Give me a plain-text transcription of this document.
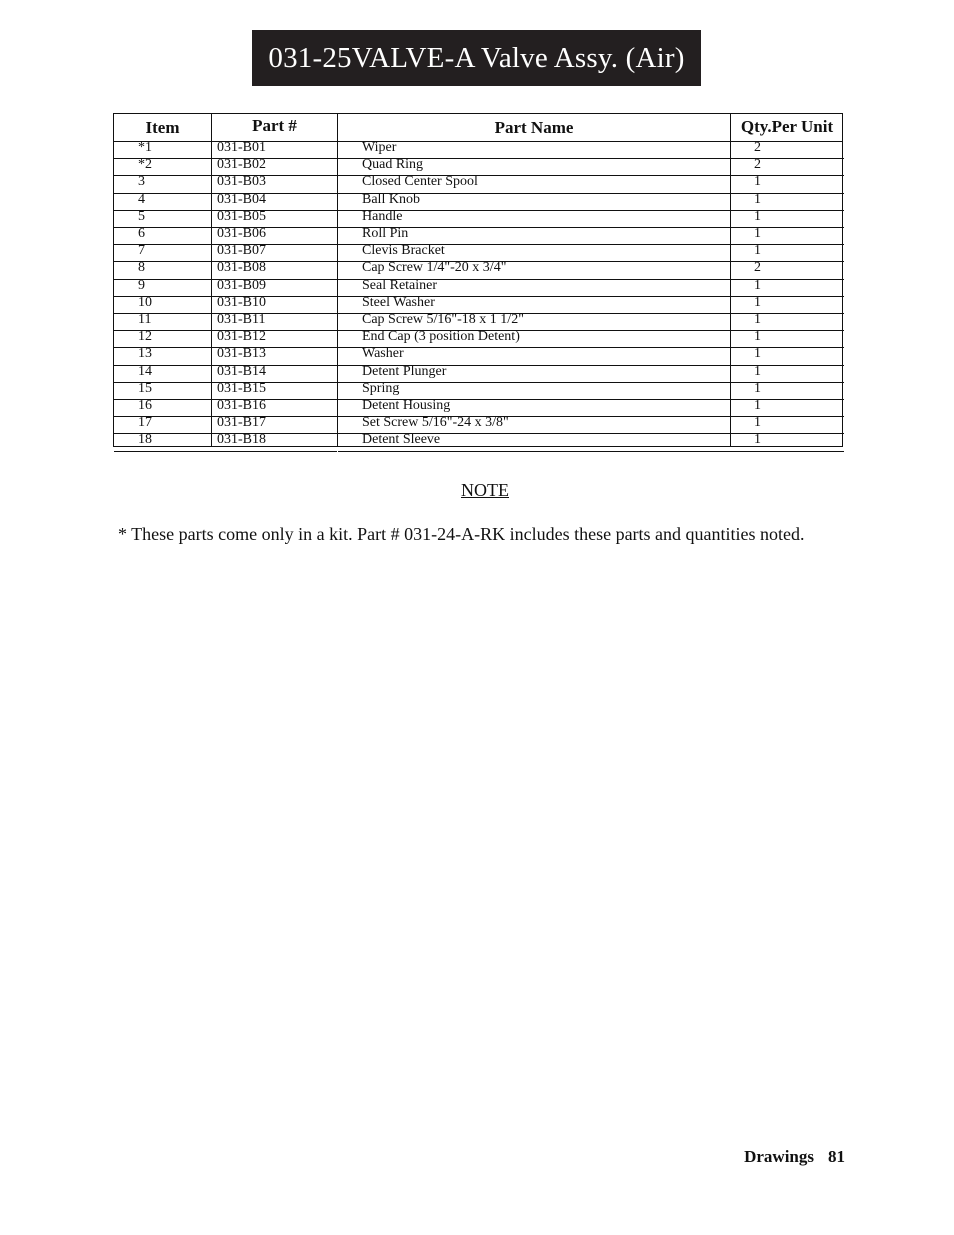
031-25VALVE-A Valve Assy. (Air)
Item	Part #	Part Name	Qty.Per Unit
*1	031-B01	Wiper	2
*2	031-B02	Quad Ring	2
3	031-B03	Closed Center Spool	1
4	031-B04	Ball Knob	1
5	031-B05	Handle	1
6	031-B06	Roll Pin	1
7	031-B07	Clevis Bracket	1
8	031-B08	Cap Screw 1/4"-20 x 3/4"	2
9	031-B09	Seal Retainer	1
10	031-B10	Steel Washer	1
11	031-B11	Cap Screw 5/16"-18 x 1 1/2"	1
12	031-B12	End Cap (3 position Detent)	1
13	031-B13	Washer	1
14	031-B14	Detent Plunger	1
15	031-B15	Spring	1
16	031-B16	Detent Housing	1
17	031-B17	Set Screw 5/16"-24 x 3/8"	1
18	031-B18	Detent Sleeve	1
NOTE
* These parts come only in a kit. Part # 031-24-A-RK includes these parts and quantities noted.
Drawings 81
